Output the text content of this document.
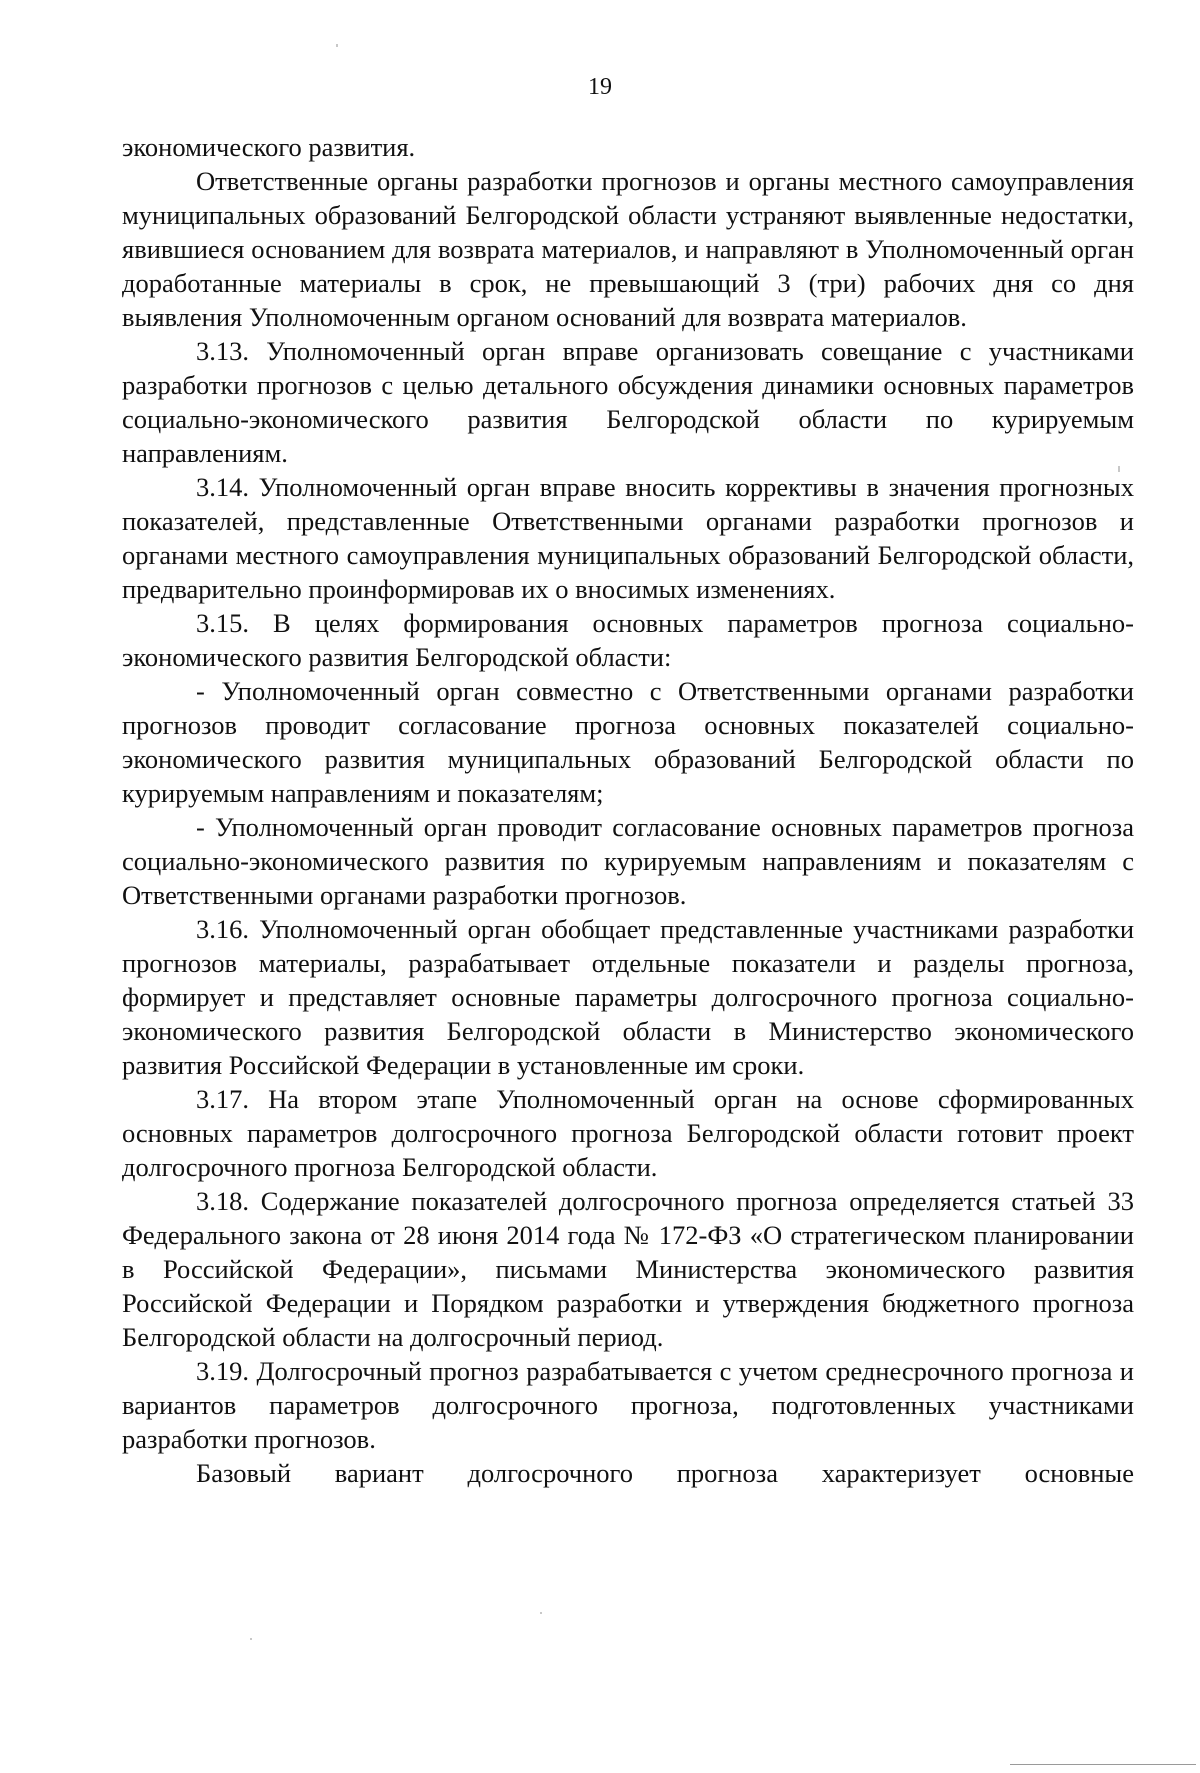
19

экономического развития.

Ответственные органы разработки прогнозов и органы местного самоуправления муниципальных образований Белгородской области устраняют выявленные недостатки, явившиеся основанием для возврата материалов, и направляют в Уполномоченный орган доработанные материалы в срок, не превышающий 3 (три) рабочих дня со дня выявления Уполномоченным органом оснований для возврата материалов.

3.13. Уполномоченный орган вправе организовать совещание с участниками разработки прогнозов с целью детального обсуждения динамики основных параметров социально-экономического развития Белгородской области по курируемым направлениям.

3.14. Уполномоченный орган вправе вносить коррективы в значения прогнозных показателей, представленные Ответственными органами разработки прогнозов и органами местного самоуправления муниципальных образований Белгородской области, предварительно проинформировав их о вносимых изменениях.

3.15. В целях формирования основных параметров прогноза социально-экономического развития Белгородской области:

- Уполномоченный орган совместно с Ответственными органами разработки прогнозов проводит согласование прогноза основных показателей социально-экономического развития муниципальных образований Белгородской области по курируемым направлениям и показателям;

- Уполномоченный орган проводит согласование основных параметров прогноза социально-экономического развития по курируемым направлениям и показателям с Ответственными органами разработки прогнозов.

3.16. Уполномоченный орган обобщает представленные участниками разработки прогнозов материалы, разрабатывает отдельные показатели и разделы прогноза, формирует и представляет основные параметры долгосрочного прогноза социально-экономического развития Белгородской области в Министерство экономического развития Российской Федерации в установленные им сроки.

3.17. На втором этапе Уполномоченный орган на основе сформированных основных параметров долгосрочного прогноза Белгородской области готовит проект долгосрочного прогноза Белгородской области.

3.18. Содержание показателей долгосрочного прогноза определяется статьей 33 Федерального закона от 28 июня 2014 года № 172-ФЗ «О стратегическом планировании в Российской Федерации», письмами Министерства экономического развития Российской Федерации и Порядком разработки и утверждения бюджетного прогноза Белгородской области на долгосрочный период.

3.19. Долгосрочный прогноз разрабатывается с учетом среднесрочного прогноза и вариантов параметров долгосрочного прогноза, подготовленных участниками разработки прогнозов.

Базовый вариант долгосрочного прогноза характеризует основные
